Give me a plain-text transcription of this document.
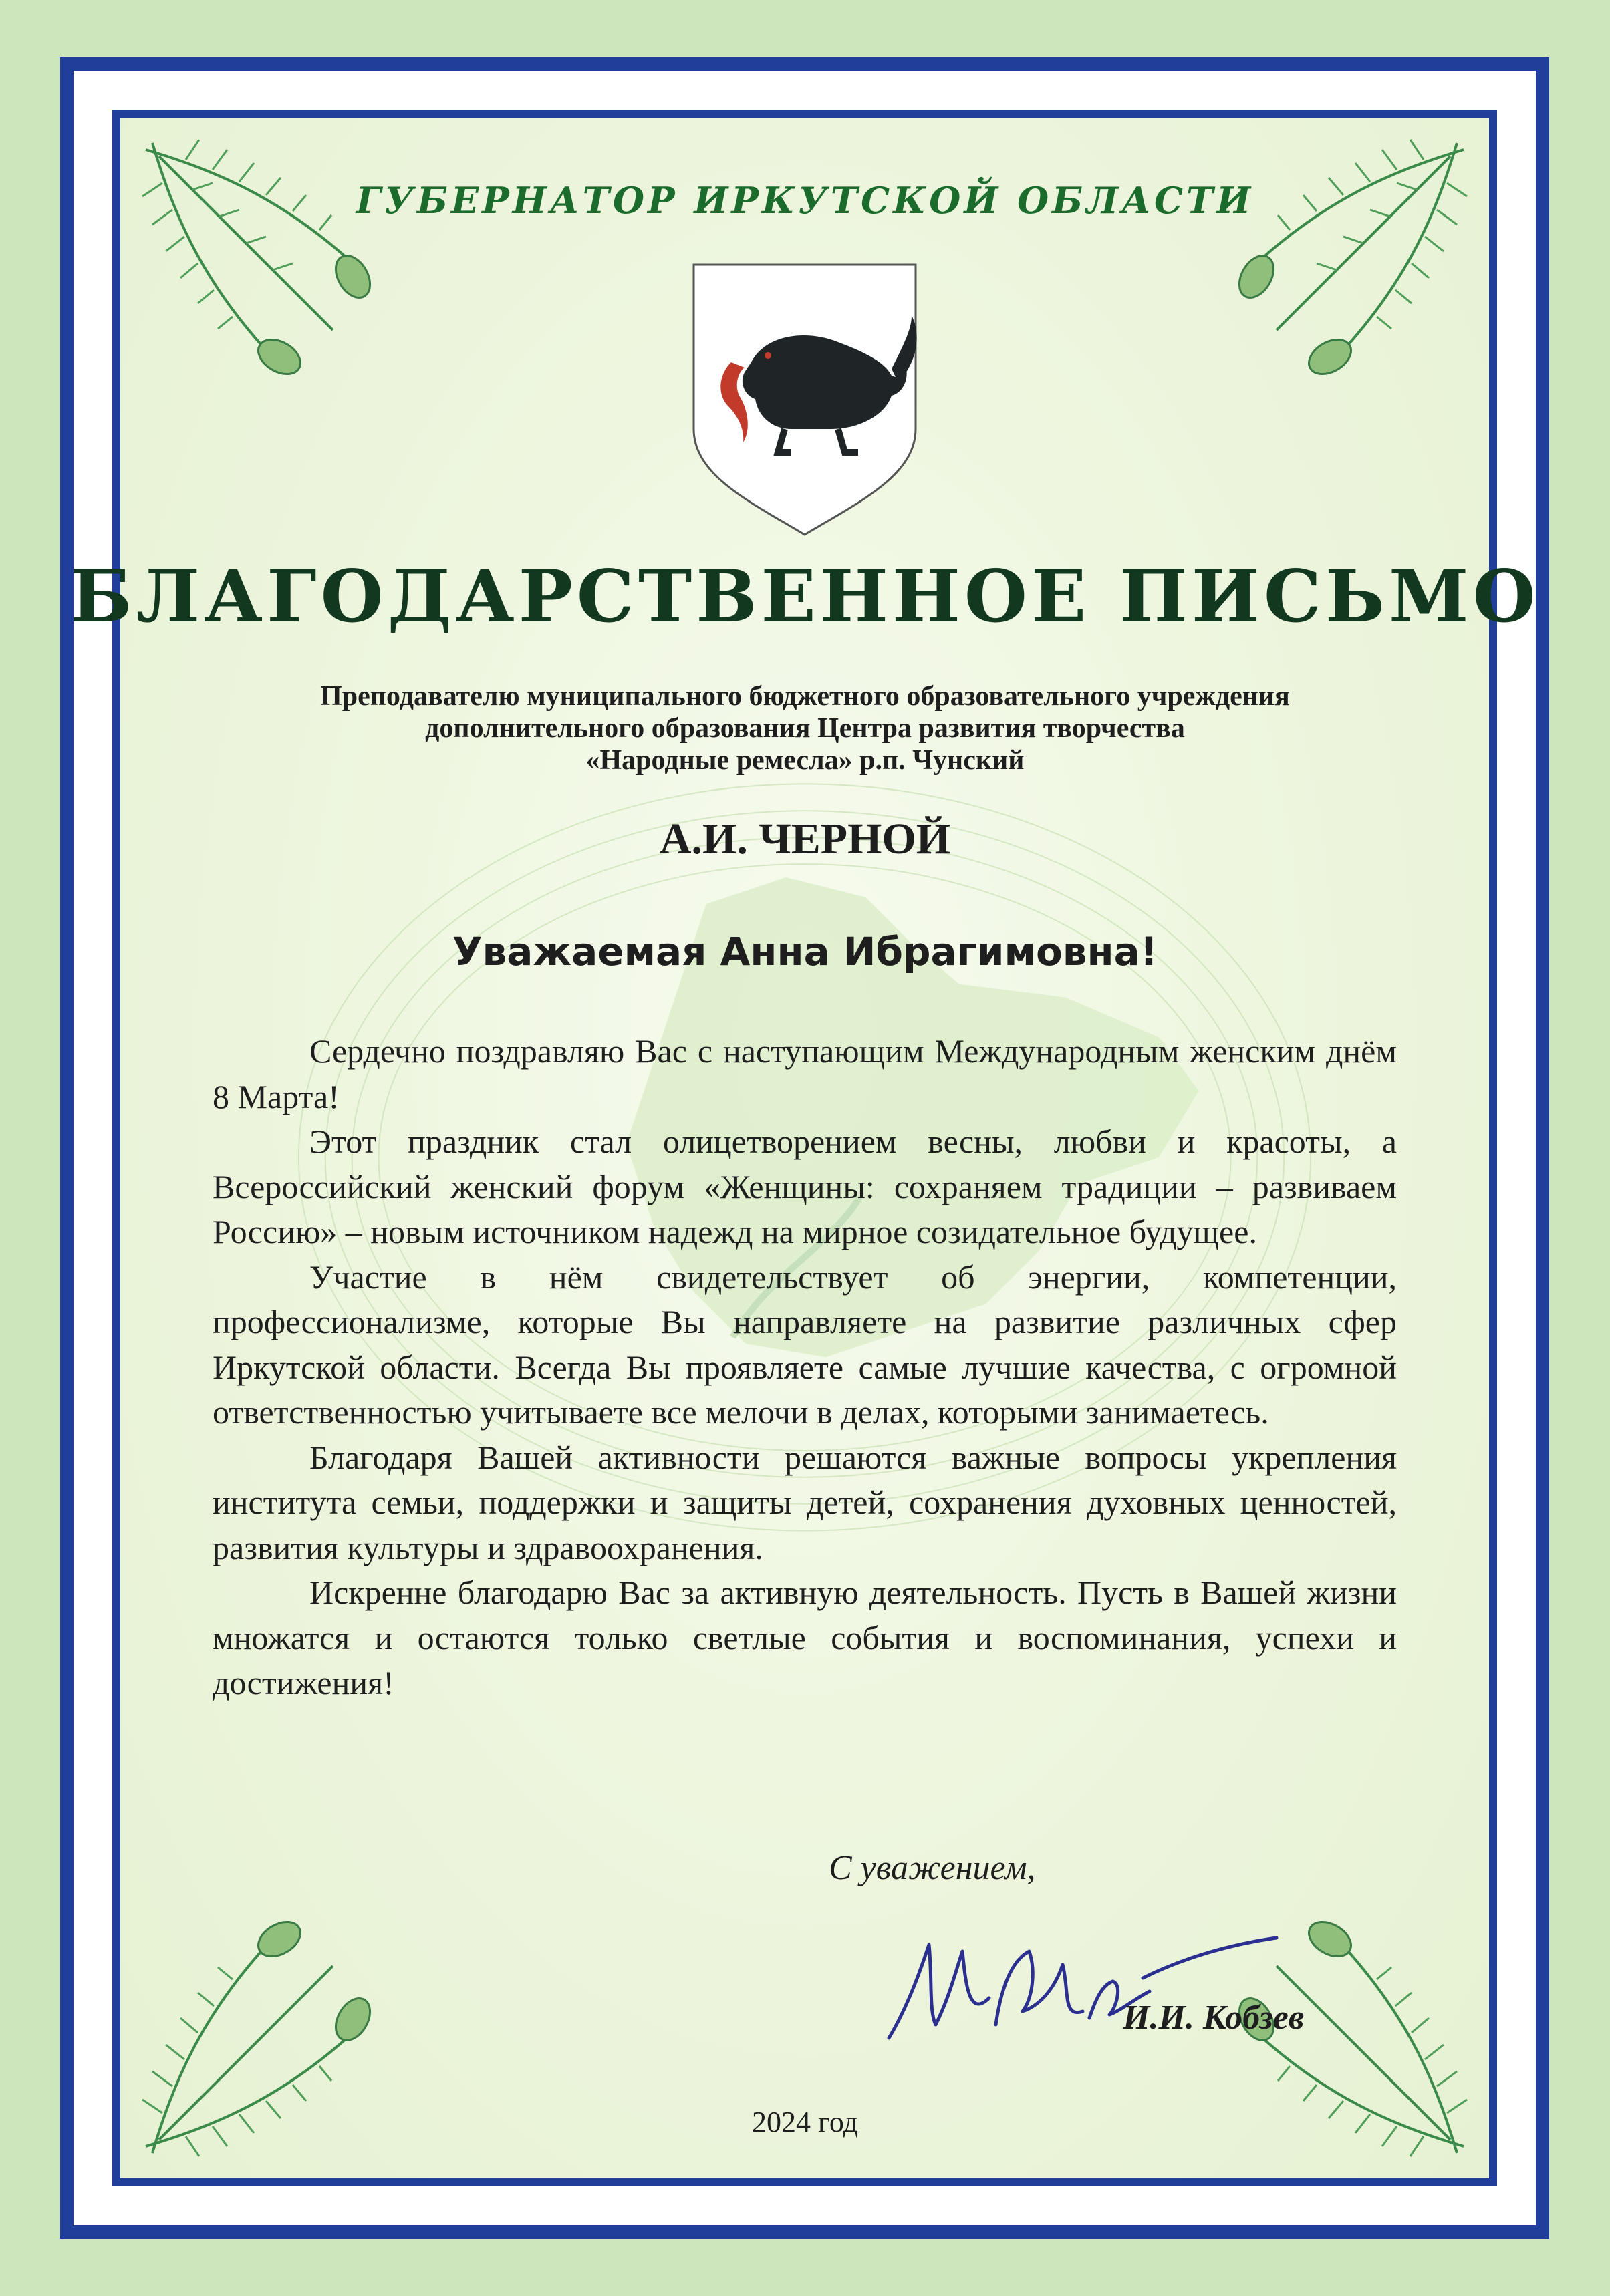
ГУБЕРНАТОР ИРКУТСКОЙ ОБЛАСТИ
БЛАГОДАРСТВЕННОЕ ПИСЬМО
Преподавателю муниципального бюджетного образовательного учреждения
дополнительного образования Центра развития творчества
«Народные ремесла» р.п. Чунский
А.И. ЧЕРНОЙ
Уважаемая Анна Ибрагимовна!

Сердечно поздравляю Вас с наступающим Международным женским днём 8 Марта!

Этот праздник стал олицетворением весны, любви и красоты, а Всероссийский женский форум «Женщины: сохраняем традиции – развиваем Россию» – новым источником надежд на мирное созидательное будущее.

Участие в нём свидетельствует об энергии, компетенции, профессионализме, которые Вы направляете на развитие различных сфер Иркутской области. Всегда Вы проявляете самые лучшие качества, с огромной ответственностью учитываете все мелочи в делах, которыми занимаетесь.

Благодаря Вашей активности решаются важные вопросы укрепления института семьи, поддержки и защиты детей, сохранения духовных ценностей, развития культуры и здравоохранения.

Искренне благодарю Вас за активную деятельность. Пусть в Вашей жизни множатся и остаются только светлые события и воспоминания, успехи и достижения!

С уважением,
И.И. Кобзев
2024 год
